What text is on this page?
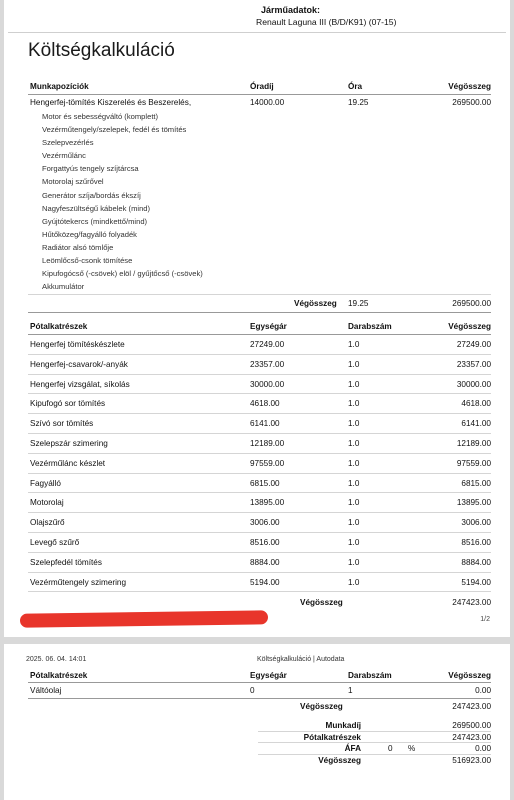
Járműadatok:
Renault Laguna III (B/D/K91) (07-15)
Költségkalkuláció
Munkapozíciók	Óradíj	Óra	Végösszeg
Hengerfej-tömítés Kiszerelés és Beszerelés,	14000.00	19.25	269500.00
Motor és sebességváltó (komplett)
Vezérműtengely/szelepek, fedél és tömítés
Szelepvezérlés
Vezérműlánc
Forgattyús tengely szíjtárcsa
Motorolaj szűrővel
Generátor szíja/bordás ékszíj
Nagyfeszültségű kábelek (mind)
Gyújtótekercs (mindkettő/mind)
Hűtőközeg/fagyálló folyadék
Radiátor alsó tömlője
Leömlőcső-csonk tömítése
Kipufogócső (-csövek) elöl / gyűjtőcső (-csövek)
Akkumulátor
Végösszeg 19.25	269500.00
Pótalkatrészek	Egységár	Darabszám	Végösszeg
Hengerfej tömítéskészlete	27249.00	1.0	27249.00
Hengerfej-csavarok/-anyák	23357.00	1.0	23357.00
Hengerfej vizsgálat, síkolás	30000.00	1.0	30000.00
Kipufogó sor tömítés	4618.00	1.0	4618.00
Szívó sor tömítés	6141.00	1.0	6141.00
Szelepszár szimering	12189.00	1.0	12189.00
Vezérműlánc készlet	97559.00	1.0	97559.00
Fagyálló	6815.00	1.0	6815.00
Motorolaj	13895.00	1.0	13895.00
Olajszűrő	3006.00	1.0	3006.00
Levegő szűrő	8516.00	1.0	8516.00
Szelepfedél tömítés	8884.00	1.0	8884.00
Vezérműtengely szimering	5194.00	1.0	5194.00
Végösszeg	247423.00
1/2
2025. 06. 04. 14:01	Költségkalkuláció | Autodata
Pótalkatrészek	Egységár	Darabszám	Végösszeg
Váltóolaj	0	1	0.00
Végösszeg	247423.00
Munkadíj	269500.00
Pótalkatrészek	247423.00
ÁFA	0 %	0.00
Végösszeg	516923.00
